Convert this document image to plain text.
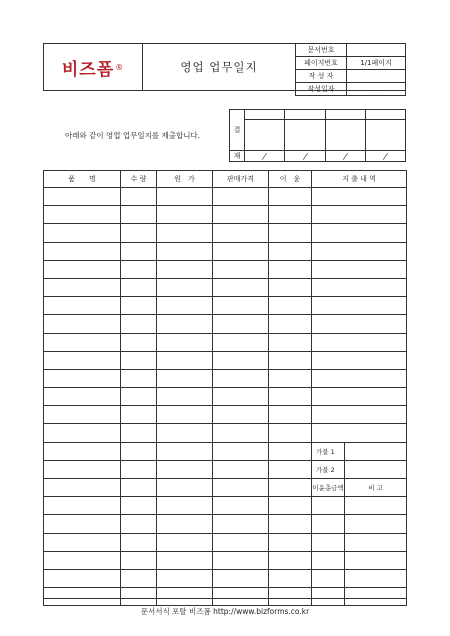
비즈폼 ®	영업 업무일지
문서번호	
페이지번호	1/1페이지
작 성 자	
작성일자	. . .
아래와 같이 영업 업무일지를 제출합니다.
결				

재	/	/	/	/
품　　명	수 량	원　가	판매가격	이　윤	지 출 내 역	

					가불 1	
					가불 2	
					이윤총금액	비 고

문서서식 포탈 비즈폼 http://www.bizforms.co.kr
